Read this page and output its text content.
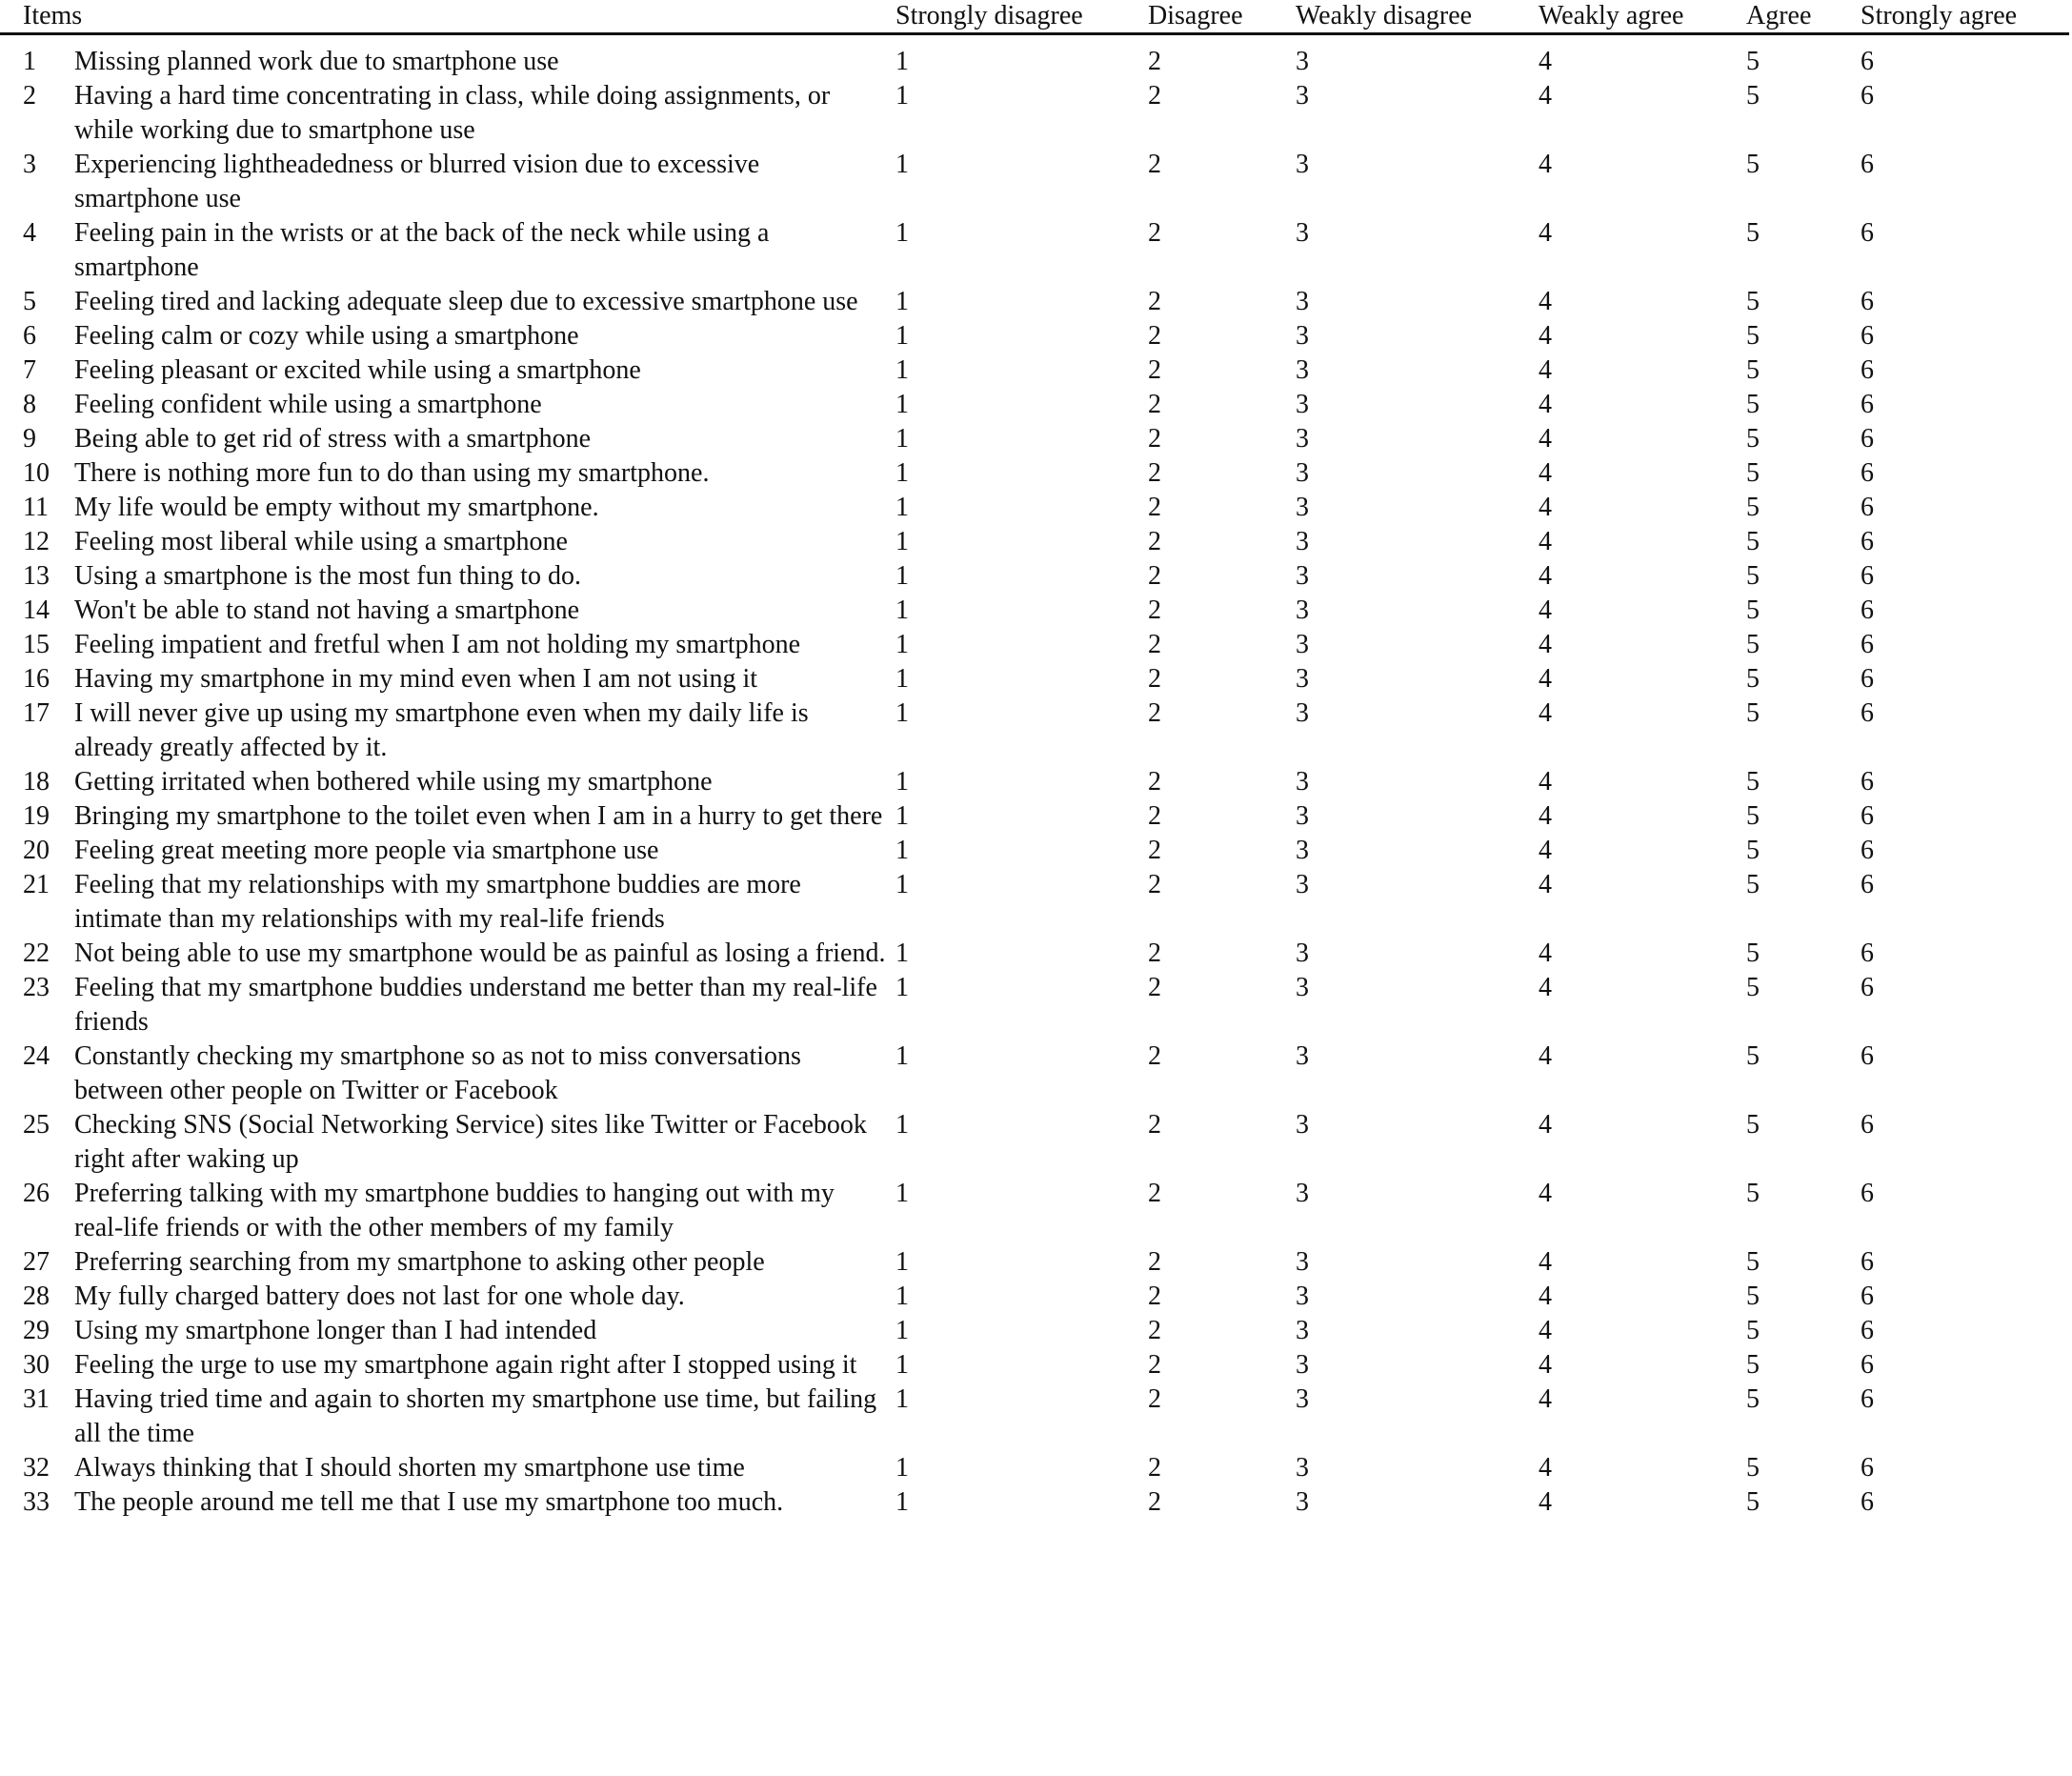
Items		Strongly disagree	Disagree	Weakly disagree	Weakly agree	Agree	Strongly agree

1	Missing planned work due to smartphone use	1	2	3	4	5	6
2	Having a hard time concentrating in class, while doing assignments, or while working due to smartphone use	1	2	3	4	5	6
3	Experiencing lightheadedness or blurred vision due to excessive smartphone use	1	2	3	4	5	6
4	Feeling pain in the wrists or at the back of the neck while using a smartphone	1	2	3	4	5	6
5	Feeling tired and lacking adequate sleep due to excessive smartphone use	1	2	3	4	5	6
6	Feeling calm or cozy while using a smartphone	1	2	3	4	5	6
7	Feeling pleasant or excited while using a smartphone	1	2	3	4	5	6
8	Feeling confident while using a smartphone	1	2	3	4	5	6
9	Being able to get rid of stress with a smartphone	1	2	3	4	5	6
10	There is nothing more fun to do than using my smartphone.	1	2	3	4	5	6
11	My life would be empty without my smartphone.	1	2	3	4	5	6
12	Feeling most liberal while using a smartphone	1	2	3	4	5	6
13	Using a smartphone is the most fun thing to do.	1	2	3	4	5	6
14	Won't be able to stand not having a smartphone	1	2	3	4	5	6
15	Feeling impatient and fretful when I am not holding my smartphone	1	2	3	4	5	6
16	Having my smartphone in my mind even when I am not using it	1	2	3	4	5	6
17	I will never give up using my smartphone even when my daily life is already greatly affected by it.	1	2	3	4	5	6
18	Getting irritated when bothered while using my smartphone	1	2	3	4	5	6
19	Bringing my smartphone to the toilet even when I am in a hurry to get there	1	2	3	4	5	6
20	Feeling great meeting more people via smartphone use	1	2	3	4	5	6
21	Feeling that my relationships with my smartphone buddies are more intimate than my relationships with my real-life friends	1	2	3	4	5	6
22	Not being able to use my smartphone would be as painful as losing a friend.	1	2	3	4	5	6
23	Feeling that my smartphone buddies understand me better than my real-life friends	1	2	3	4	5	6
24	Constantly checking my smartphone so as not to miss conversations between other people on Twitter or Facebook	1	2	3	4	5	6
25	Checking SNS (Social Networking Service) sites like Twitter or Facebook right after waking up	1	2	3	4	5	6
26	Preferring talking with my smartphone buddies to hanging out with my real-life friends or with the other members of my family	1	2	3	4	5	6
27	Preferring searching from my smartphone to asking other people	1	2	3	4	5	6
28	My fully charged battery does not last for one whole day.	1	2	3	4	5	6
29	Using my smartphone longer than I had intended	1	2	3	4	5	6
30	Feeling the urge to use my smartphone again right after I stopped using it	1	2	3	4	5	6
31	Having tried time and again to shorten my smartphone use time, but failing all the time	1	2	3	4	5	6
32	Always thinking that I should shorten my smartphone use time	1	2	3	4	5	6
33	The people around me tell me that I use my smartphone too much.	1	2	3	4	5	6
